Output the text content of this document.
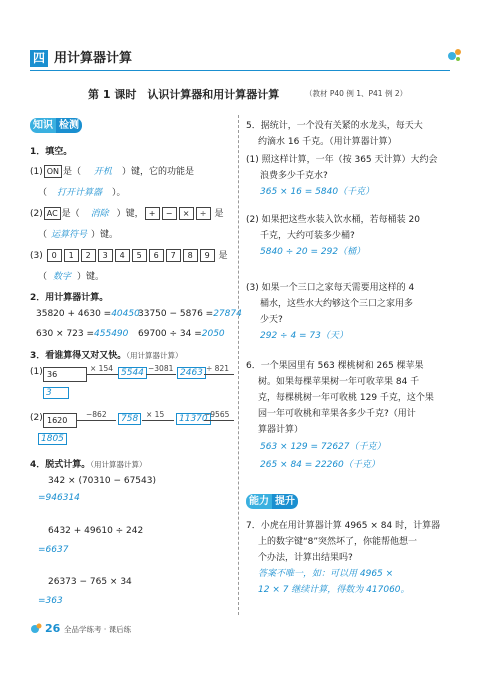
四 用计算器计算
第 1 课时　认识计算器和用计算器计算	（教材 P40 例 1、P41 例 2）
知识 检测
1．填空。
(1) ON 是（ 开机 ）键，它的功能是
（ 打开计算器 ）。
(2) AC 是（ 消除 ）键， + − × ÷ 是
（ 运算符号 ）键。
(3) 0 1 2 3 4 5 6 7 8 9 是
（ 数字 ）键。
2．用计算器计算。
35820 + 4630 =40450
33750 − 5876 =27874
630 × 723 =455490 69700 ÷ 34 =2050
3．看谁算得又对又快。（用计算器计算）
(1) 36
× 154 5544 −3081 2463 ÷ 821
3
(2) 1620
−862	758	× 15	11370
−9565
1805
4．脱式计算。（用计算器计算）
342 × (70310 − 67543)
=946314
6432 + 49610 ÷ 242
=6637
26373 − 765 × 34
=363
5．据统计，一个没有关紧的水龙头，每天大
约滴水 16 千克。（用计算器计算）
(1) 照这样计算，一年（按 365 天计算）大约会
浪费多少千克水?
365 × 16 = 5840（千克）
(2) 如果把这些水装入饮水桶，若每桶装 20
千克，大约可装多少桶?
5840 ÷ 20 = 292（桶）
(3) 如果一个三口之家每天需要用这样的 4
桶水，这些水大约够这个三口之家用多
少天?
292 ÷ 4 = 73（天）
6．一个果园里有 563 棵桃树和 265 棵苹果
树。如果每棵苹果树一年可收苹果 84 千
克，每棵桃树一年可收桃 129 千克，这个果
园一年可收桃和苹果各多少千克?（用计
算器计算）
563 × 129 = 72627（千克）
265 × 84 = 22260（千克）
能力 提升
7．小虎在用计算器计算 4965 × 84 时，计算器
上的数字键“8”突然坏了，你能帮他想一
个办法，计算出结果吗?
答案不唯一，如：可以用 4965 ×
12 × 7 继续计算，得数为 417060。
26 全品学练考 · 课后练
